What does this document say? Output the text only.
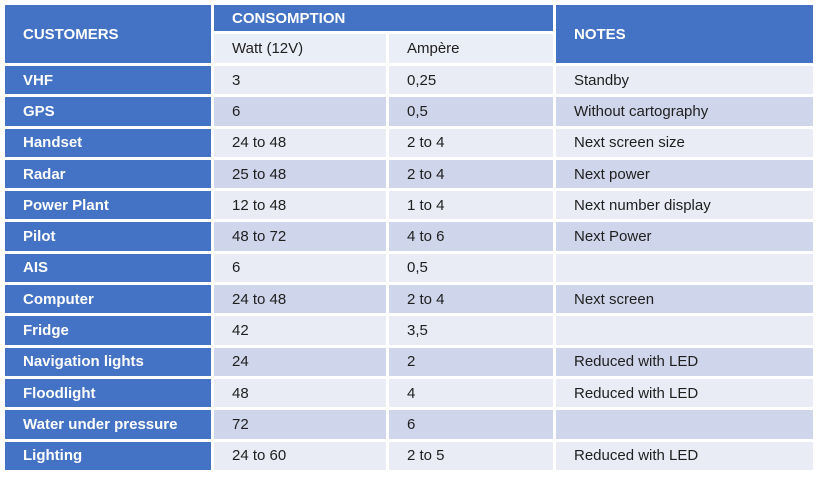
CUSTOMERS	CONSOMPTION		NOTES
	Watt (12V)	Ampère	
VHF	3	0,25	Standby
GPS	6	0,5	Without cartography
Handset	24 to 48	2 to 4	Next screen size
Radar	25 to 48	2 to 4	Next power
Power Plant	12 to 48	1 to 4	Next number display
Pilot	48 to 72	4 to 6	Next Power
AIS	6	0,5	
Computer	24 to 48	2 to 4	Next screen
Fridge	42	3,5	
Navigation lights	24	2	Reduced with LED
Floodlight	48	4	Reduced with LED
Water under pressure	72	6	
Lighting	24 to 60	2 to 5	Reduced with LED
